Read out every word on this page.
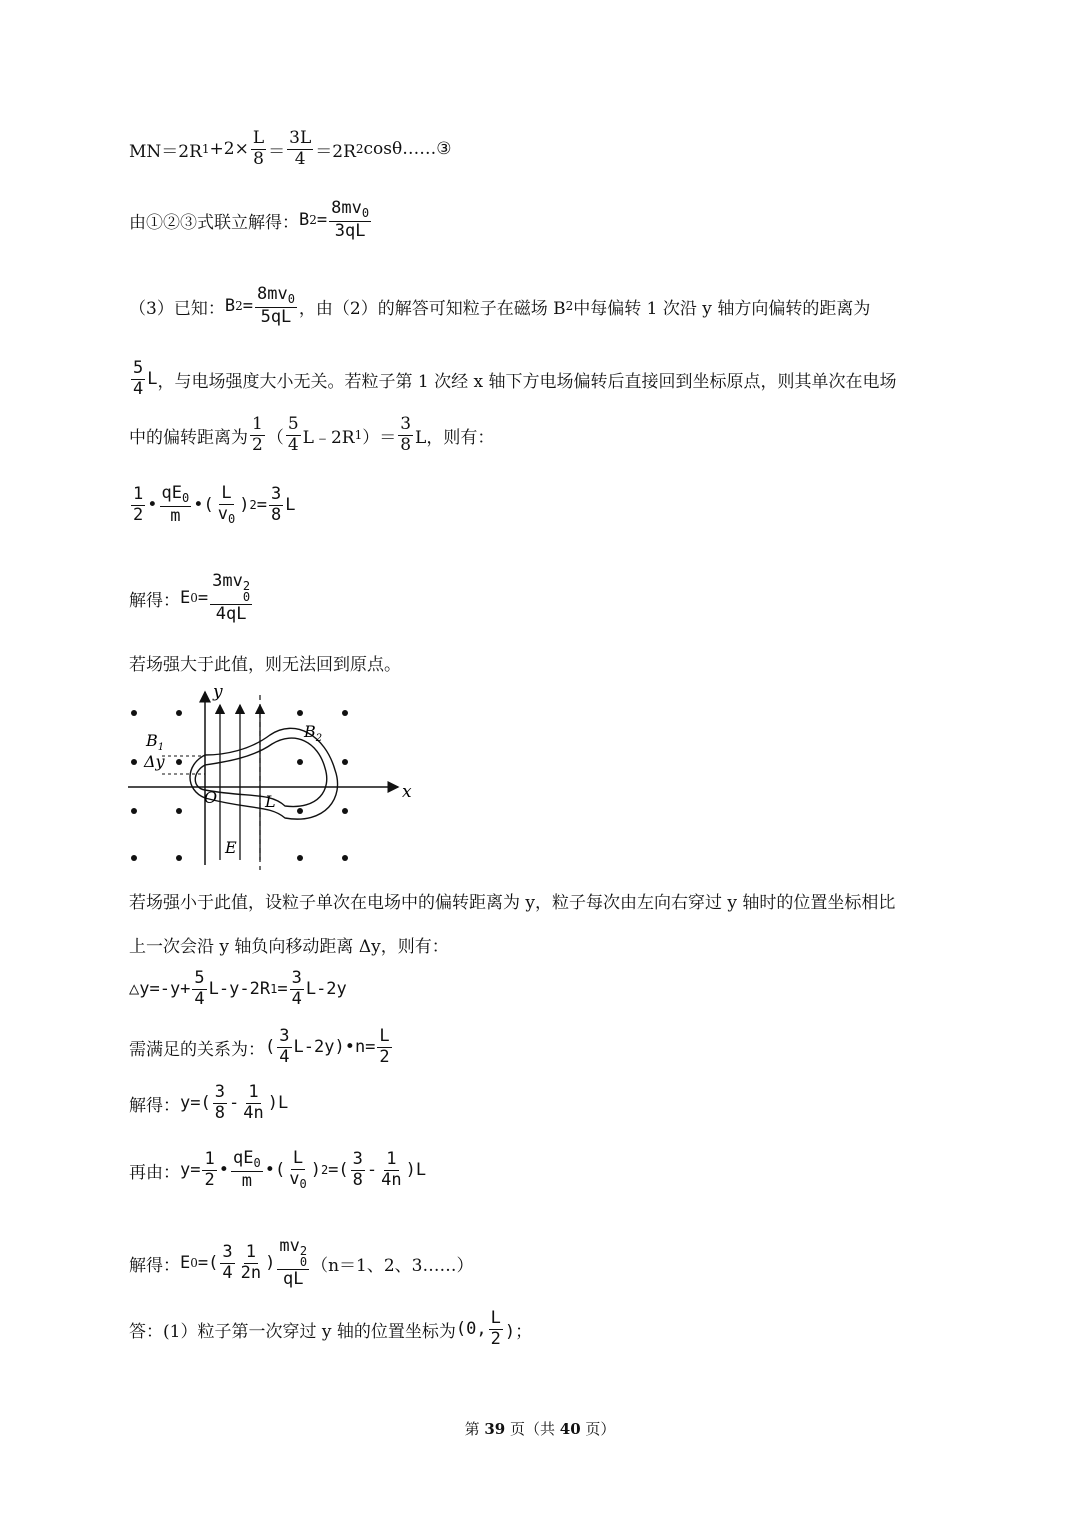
MN＝2R $1 +2\times \frac{L}{8} = \frac{3L}{4} =2R$ 2 cosθ……③
由①②③式联立解得： B $2 = \frac{8mv_0}{3qL}$
（3）已知： B $2 = \frac{8mv_0}{5qL}$ ，由（2）的解答可知粒子在磁场 B 2 中每偏转 1 次沿 y 轴方向偏转的距离为
$\frac{5}{4}$ L ，与电场强度大小无关。若粒子第 1 次经 x 轴下方电场偏转后直接回到坐标原点，则其单次在电场
中的偏转距离为 $\frac{1}{2}$ （ $\frac{5}{4}$ L﹣2R 1 ）＝ $\frac{3}{8}$ L，则有：
$\frac{1}{2}$ • $\frac{qE_0}{m}$ • ( $\frac{L}{v_0}$ ) $2 = \frac{3}{8}$ L
解得： E 0 = 3mv 2
0
4qL
若场强大于此值，则无法回到原点。
y
x
$B_1$
$B_2$
Δy
O	L
E
若场强小于此值，设粒子单次在电场中的偏转距离为 y，粒子每次由左向右穿过 y 轴时的位置坐标相比
上一次会沿 y 轴负向移动距离 Δy，则有：
△y=-y+ $\frac{5}{4} L-y-2R$ $1 = \frac{3}{4} L-2y$
需满足的关系为： ( $\frac{3}{4} L-2y$) • $n= \frac{L}{2}$
解得： y= ( $\frac{3}{8} - \frac{1}{4n}$ ) L
再由： $y= \frac{1}{2}$ • $\frac{qE_0}{m}$ • ( $\frac{L}{v_0}$ ) 2 = ( $\frac{3}{8} - \frac{1}{4n}$ ) L
解得： E 0 = ( $\frac{3}{4} \frac{1}{2n}$ ) mv 2
0
qL （n＝1、2、3……）
答：(1）粒子第一次穿过 y 轴的位置坐标为 (0, $\frac{L}{2}$ )；
第 39 页（共 40 页）
